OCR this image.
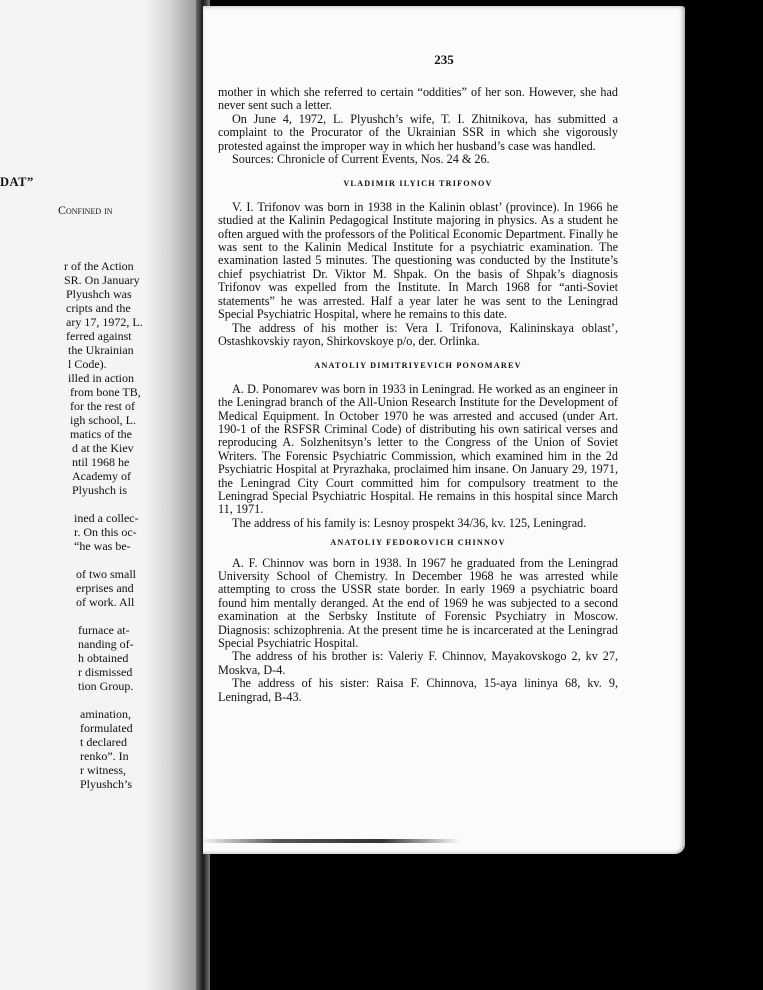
DAT”
Confined in
r of the Action
SR. On January
Plyushch was
cripts and the
ary 17, 1972, L.
ferred against
the Ukrainian
l Code).
illed in action
from bone TB,
for the rest of
igh school, L.
matics of the
d at the Kiev
ntil 1968 he
Academy of
Plyushch is
ined a collec-
r. On this oc-
“he was be-
of two small
erprises and
of work. All
furnace at-
nanding of-
h obtained
r dismissed
tion Group.
amination,
formulated
t declared
renko”. In
r witness,
Plyushch’s
235

mother in which she referred to certain “oddities” of her son. However, she had never sent such a letter.

On June 4, 1972, L. Plyushch’s wife, T. I. Zhitnikova, has submitted a complaint to the Procurator of the Ukrainian SSR in which she vigorously protested against the improper way in which her husband’s case was handled.

Sources: Chronicle of Current Events, Nos. 24 & 26.

VLADIMIR ILYICH TRIFONOV

V. I. Trifonov was born in 1938 in the Kalinin oblast’ (province). In 1966 he studied at the Kalinin Pedagogical Institute majoring in physics. As a student he often argued with the professors of the Political Economic Department. Finally he was sent to the Kalinin Medical Institute for a psychiatric examination. The examination lasted 5 minutes. The questioning was conducted by the Institute’s chief psychiatrist Dr. Viktor M. Shpak. On the basis of Shpak’s diagnosis Trifonov was expelled from the Institute. In March 1968 for “anti-Soviet statements” he was arrested. Half a year later he was sent to the Leningrad Special Psychiatric Hospital, where he remains to this date.

The address of his mother is: Vera I. Trifonova, Kalininskaya oblast’, Ostashkovskiy rayon, Shirkovskoye p/o, der. Orlinka.

ANATOLIY DIMITRIYEVICH PONOMAREV

A. D. Ponomarev was born in 1933 in Leningrad. He worked as an engineer in the Leningrad branch of the All-Union Research Institute for the Development of Medical Equipment. In October 1970 he was arrested and accused (under Art. 190-1 of the RSFSR Criminal Code) of distributing his own satirical verses and reproducing A. Solzhenitsyn’s letter to the Congress of the Union of Soviet Writers. The Forensic Psychiatric Commission, which examined him in the 2d Psychiatric Hospital at Pryrazhaka, proclaimed him insane. On January 29, 1971, the Leningrad City Court committed him for compulsory treatment to the Leningrad Special Psychiatric Hospital. He remains in this hospital since March 11, 1971.

The address of his family is: Lesnoy prospekt 34/36, kv. 125, Leningrad.

ANATOLIY FEDOROVICH CHINNOV

A. F. Chinnov was born in 1938. In 1967 he graduated from the Leningrad University School of Chemistry. In December 1968 he was arrested while attempting to cross the USSR state border. In early 1969 a psychiatric board found him mentally deranged. At the end of 1969 he was subjected to a second examination at the Serbsky Institute of Forensic Psychiatry in Moscow. Diagnosis: schizophrenia. At the present time he is incarcerated at the Leningrad Special Psychiatric Hospital.

The address of his brother is: Valeriy F. Chinnov, Mayakovskogo 2, kv 27, Moskva, D-4.

The address of his sister: Raisa F. Chinnova, 15-aya lininya 68, kv. 9, Leningrad, B-43.
